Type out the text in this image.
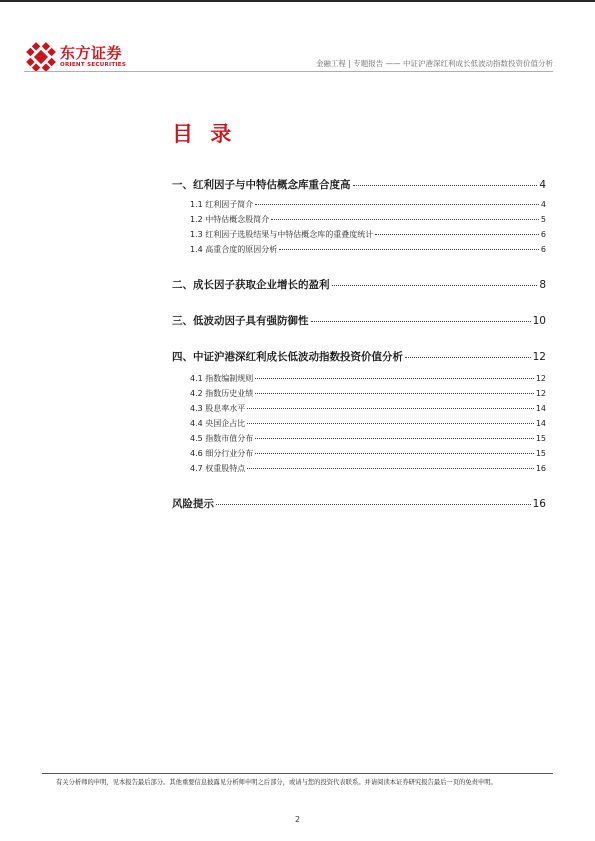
东方证券
ORIENT SECURITIES	金融工程 | 专题报告 —— 中证沪港深红利成长低波动指数投资价值分析
目 录
一、红利因子与中特估概念库重合度高	4
1.1 红利因子简介	4
1.2 中特估概念股简介	5
1.3 红利因子选股结果与中特估概念库的重叠度统计	6
1.4 高重合度的原因分析	6
二、成长因子获取企业增长的盈利	8
三、低波动因子具有强防御性	10
四、中证沪港深红利成长低波动指数投资价值分析	12
4.1 指数编制规则	12
4.2 指数历史业绩	12
4.3 股息率水平	14
4.4 央国企占比	14
4.5 指数市值分布	15
4.6 细分行业分布	15
4.7 权重股特点	16
风险提示	16
有关分析师的申明，见本报告最后部分。其他重要信息披露见分析师申明之后部分，或请与您的投资代表联系。并请阅读本证券研究报告最后一页的免责申明。
2
